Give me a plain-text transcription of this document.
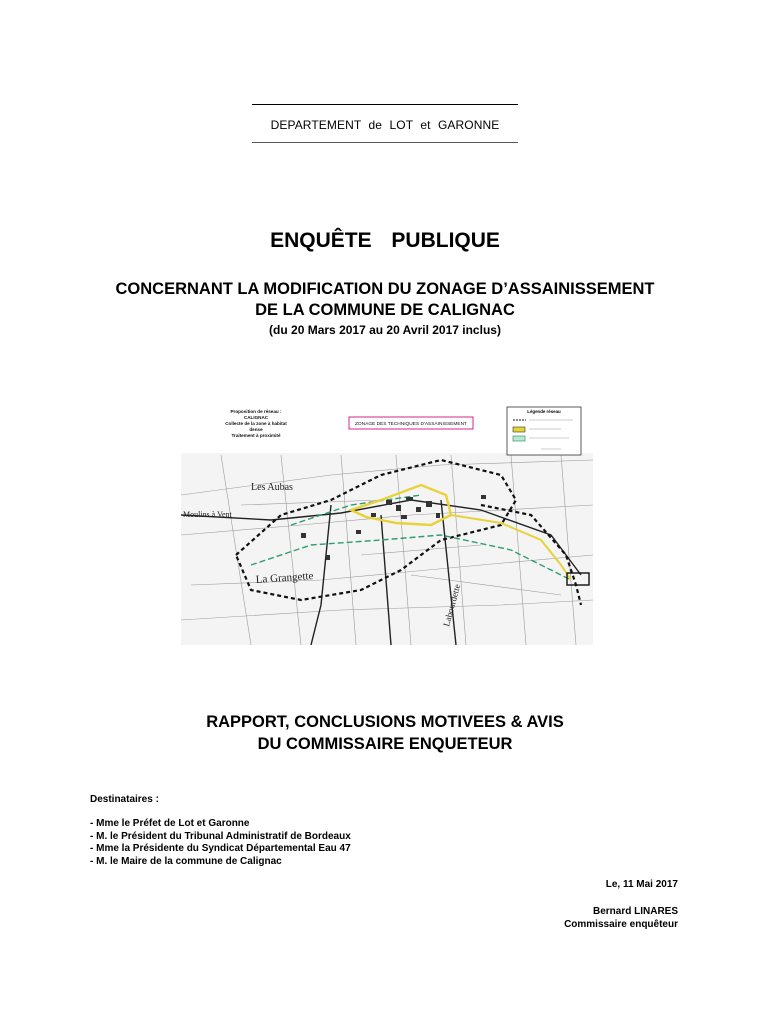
DEPARTEMENT de LOT et GARONNE
ENQUÊTE PUBLIQUE
CONCERNANT LA MODIFICATION DU ZONAGE D’ASSAINISSEMENT
DE LA COMMUNE DE CALIGNAC
(du 20 Mars 2017 au 20 Avril 2017 inclus)
Les Aubas
Moulins à Vent
La Grangette
Labourdette
Proposition de réseau :
CALIGNAC
Collecte de la zone à habitat
dense
Traitement à proximité
ZONAGE DES TECHNIQUES D'ASSAINISSEMENT
Légende réseau
RAPPORT, CONCLUSIONS MOTIVEES & AVIS
DU COMMISSAIRE ENQUETEUR
Destinataires :
- Mme le Préfet de Lot et Garonne
- M. le Président du Tribunal Administratif de Bordeaux
- Mme la Présidente du Syndicat Départemental Eau 47
- M. le Maire de la commune de Calignac
Le, 11 Mai 2017
Bernard LINARES
Commissaire enquêteur
